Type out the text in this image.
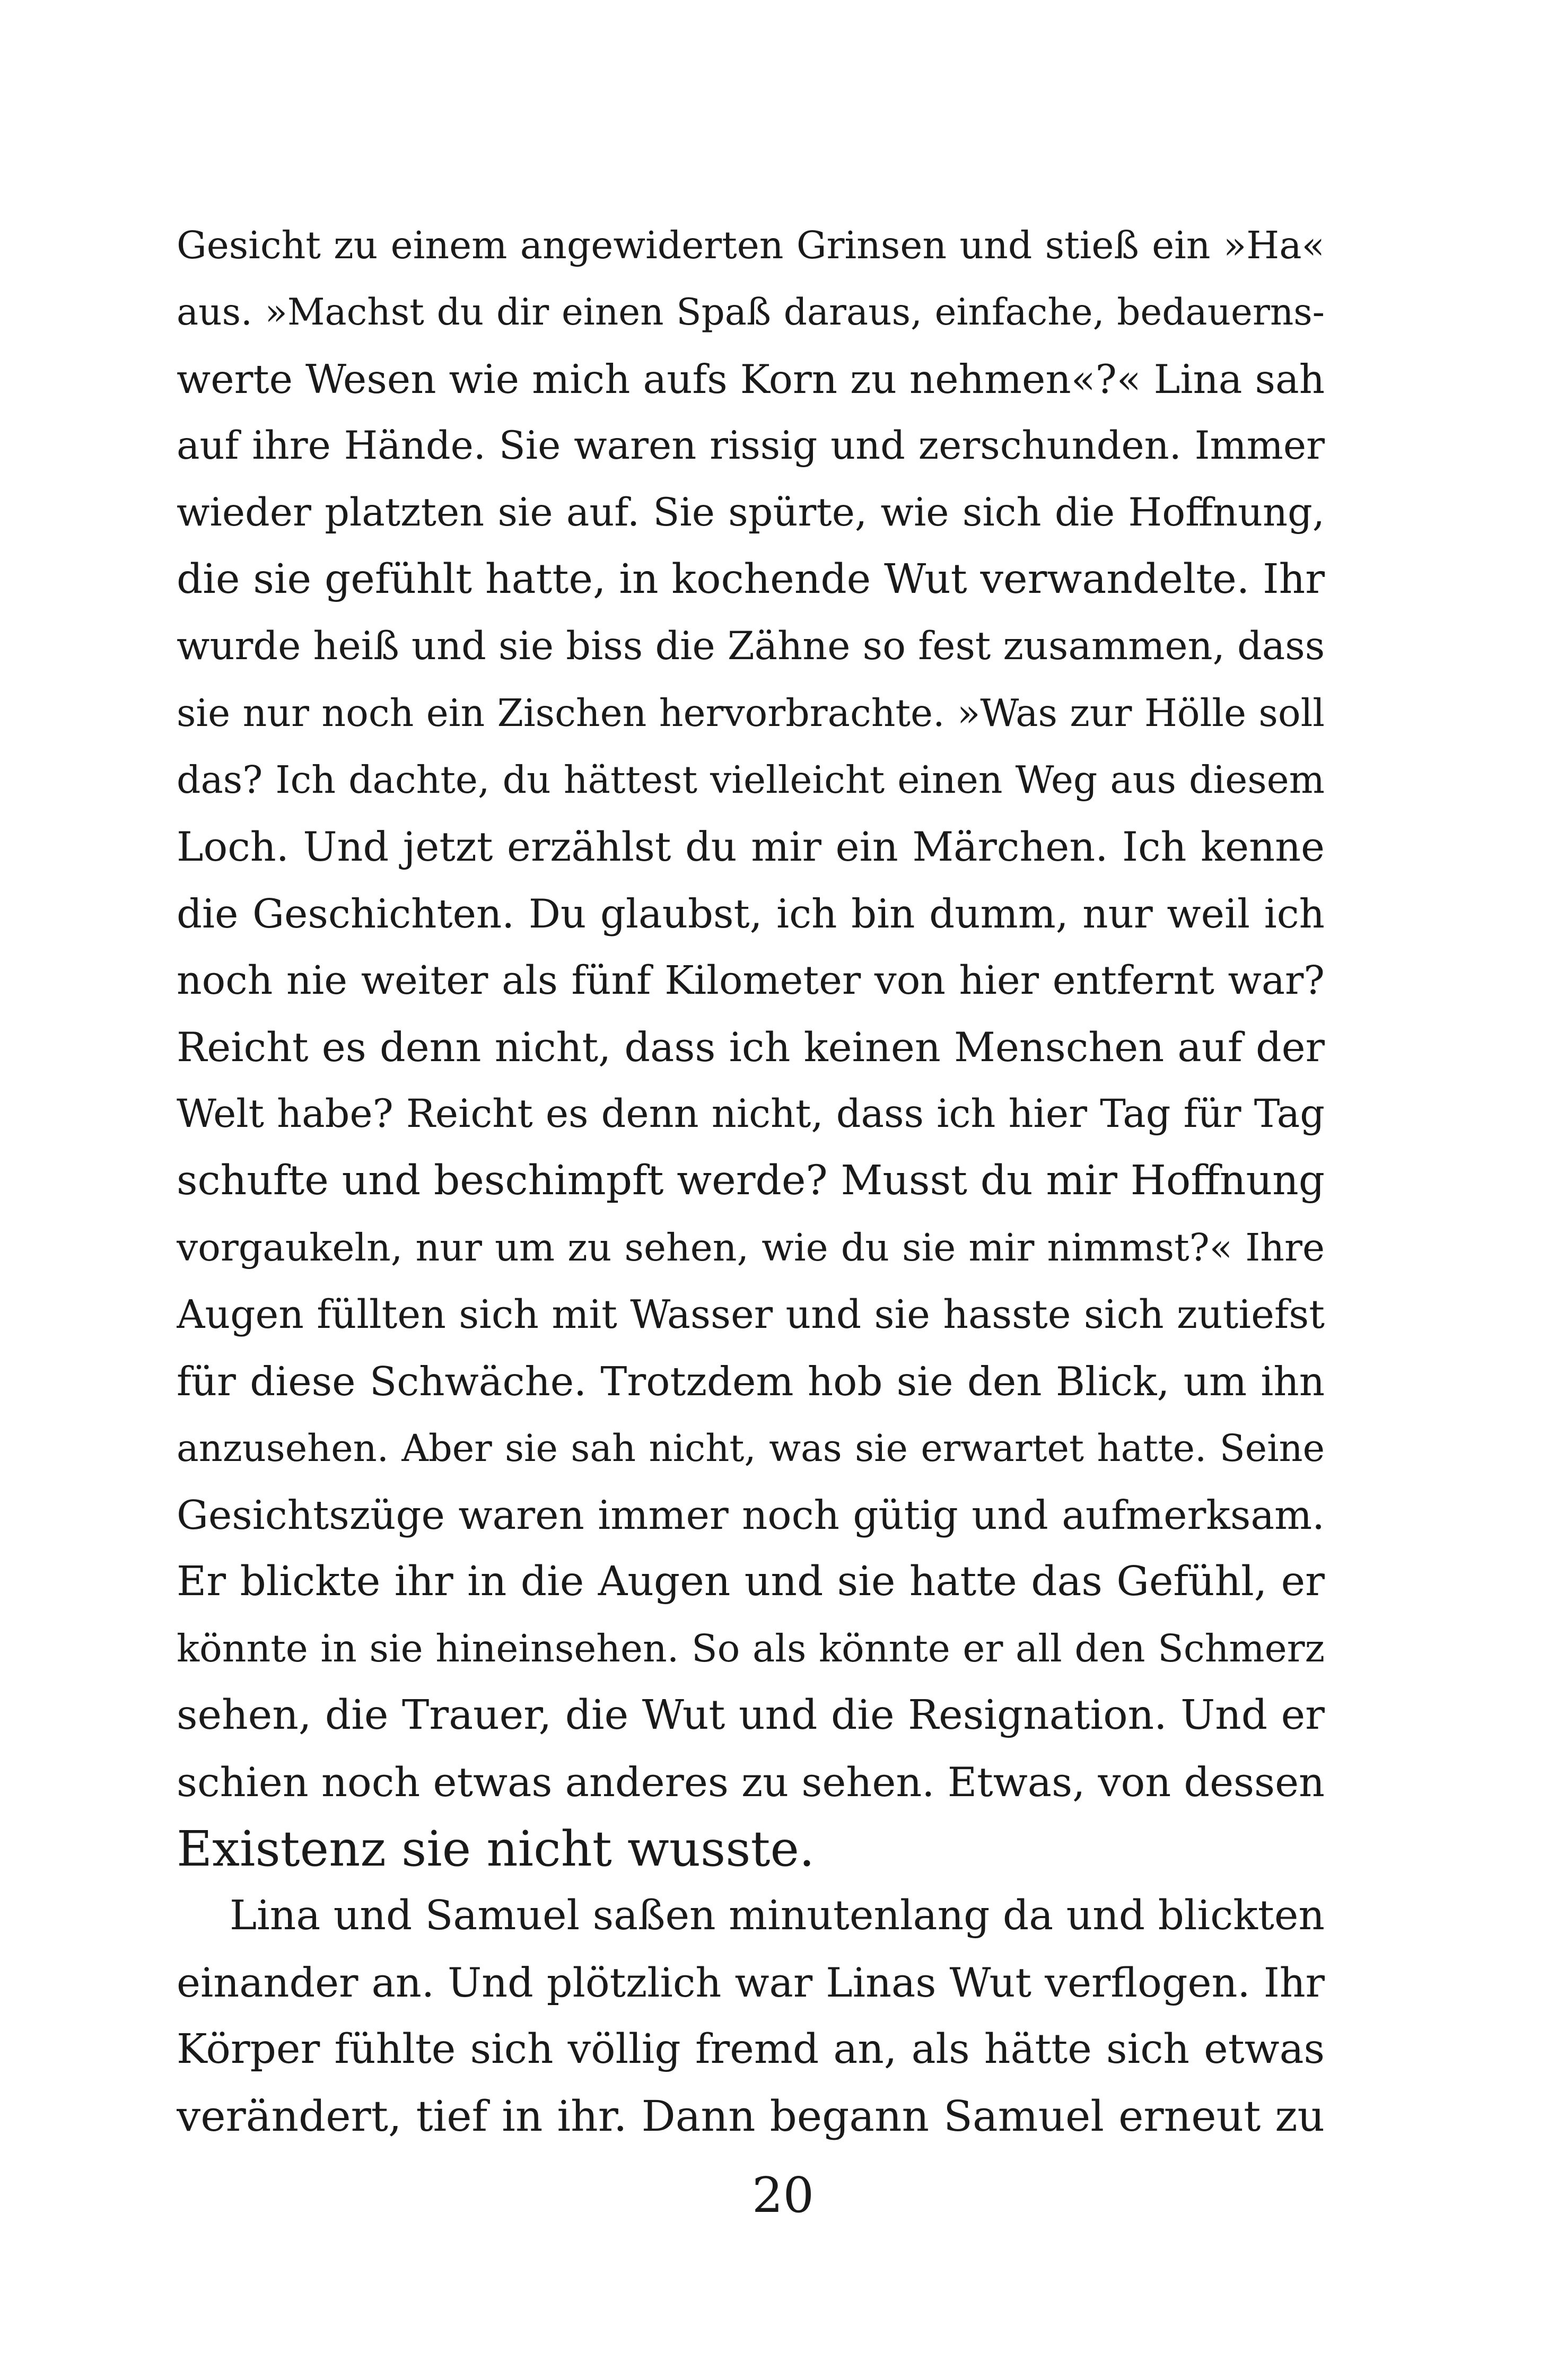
Gesicht zu einem angewiderten Grinsen und stieß ein »Ha«
aus. »Machst du dir einen Spaß daraus, einfache, bedauerns-
werte Wesen wie mich aufs Korn zu nehmen«?« Lina sah
auf ihre Hände. Sie waren rissig und zerschunden. Immer
wieder platzten sie auf. Sie spürte, wie sich die Hoffnung,
die sie gefühlt hatte, in kochende Wut verwandelte. Ihr
wurde heiß und sie biss die Zähne so fest zusammen, dass
sie nur noch ein Zischen hervorbrachte. »Was zur Hölle soll
das? Ich dachte, du hättest vielleicht einen Weg aus diesem
Loch. Und jetzt erzählst du mir ein Märchen. Ich kenne
die Geschichten. Du glaubst, ich bin dumm, nur weil ich
noch nie weiter als fünf Kilometer von hier entfernt war?
Reicht es denn nicht, dass ich keinen Menschen auf der
Welt habe? Reicht es denn nicht, dass ich hier Tag für Tag
schufte und beschimpft werde? Musst du mir Hoffnung
vorgaukeln, nur um zu sehen, wie du sie mir nimmst?« Ihre
Augen füllten sich mit Wasser und sie hasste sich zutiefst
für diese Schwäche. Trotzdem hob sie den Blick, um ihn
anzusehen. Aber sie sah nicht, was sie erwartet hatte. Seine
Gesichtszüge waren immer noch gütig und aufmerksam.
Er blickte ihr in die Augen und sie hatte das Gefühl, er
könnte in sie hineinsehen. So als könnte er all den Schmerz
sehen, die Trauer, die Wut und die Resignation. Und er
schien noch etwas anderes zu sehen. Etwas, von dessen
Existenz sie nicht wusste.
Lina und Samuel saßen minutenlang da und blickten
einander an. Und plötzlich war Linas Wut verflogen. Ihr
Körper fühlte sich völlig fremd an, als hätte sich etwas
verändert, tief in ihr. Dann begann Samuel erneut zu
20
